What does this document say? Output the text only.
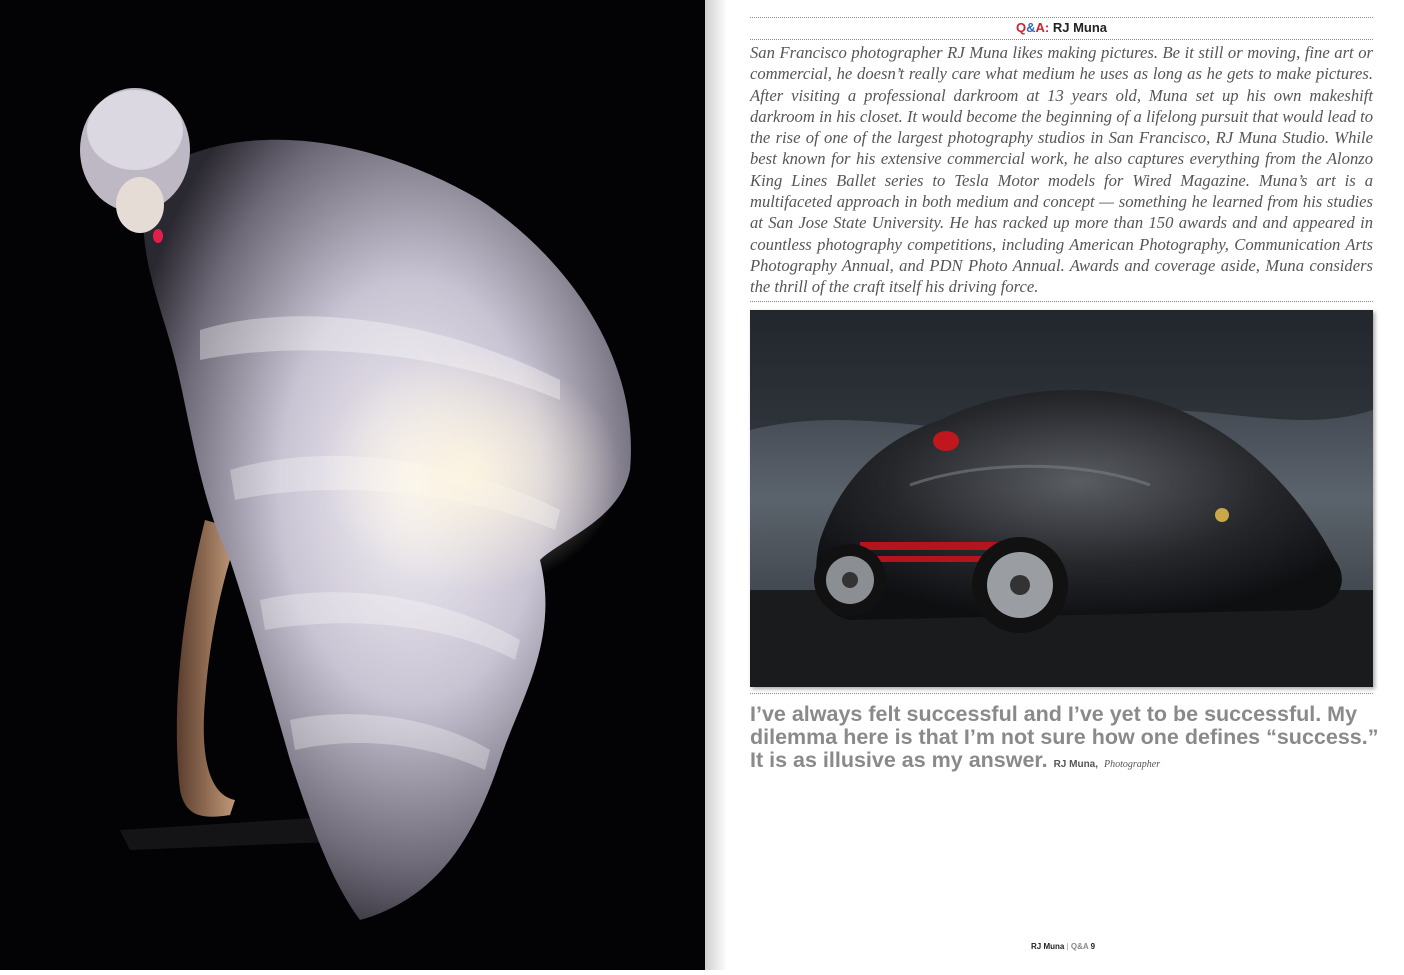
Q&A: RJ Muna

San Francisco photographer RJ Muna likes making pictures. Be it still or moving, fine art or commercial, he doesn’t really care what medium he uses as long as he gets to make pictures. After visiting a professional darkroom at 13 years old, Muna set up his own makeshift darkroom in his closet. It would become the beginning of a lifelong pursuit that would lead to the rise of one of the largest photography studios in San Francisco, RJ Muna Studio. While best known for his extensive commercial work, he also captures everything from the Alonzo King Lines Ballet series to Tesla Motor models for Wired Magazine. Muna’s art is a multifaceted approach in both medium and concept — something he learned from his studies at San Jose State University. He has racked up more than 150 awards and and appeared in countless photography competitions, including American Photography, Communication Arts Photography Annual, and PDN Photo Annual. Awards and coverage aside, Muna considers the thrill of the craft itself his driving force.

I’ve always felt successful and I’ve yet to be successful. My dilemma here is that I’m not sure how one defines “success.” It is as illusive as my answer. RJ Muna, Photographer

RJ Muna | Q&A 9
